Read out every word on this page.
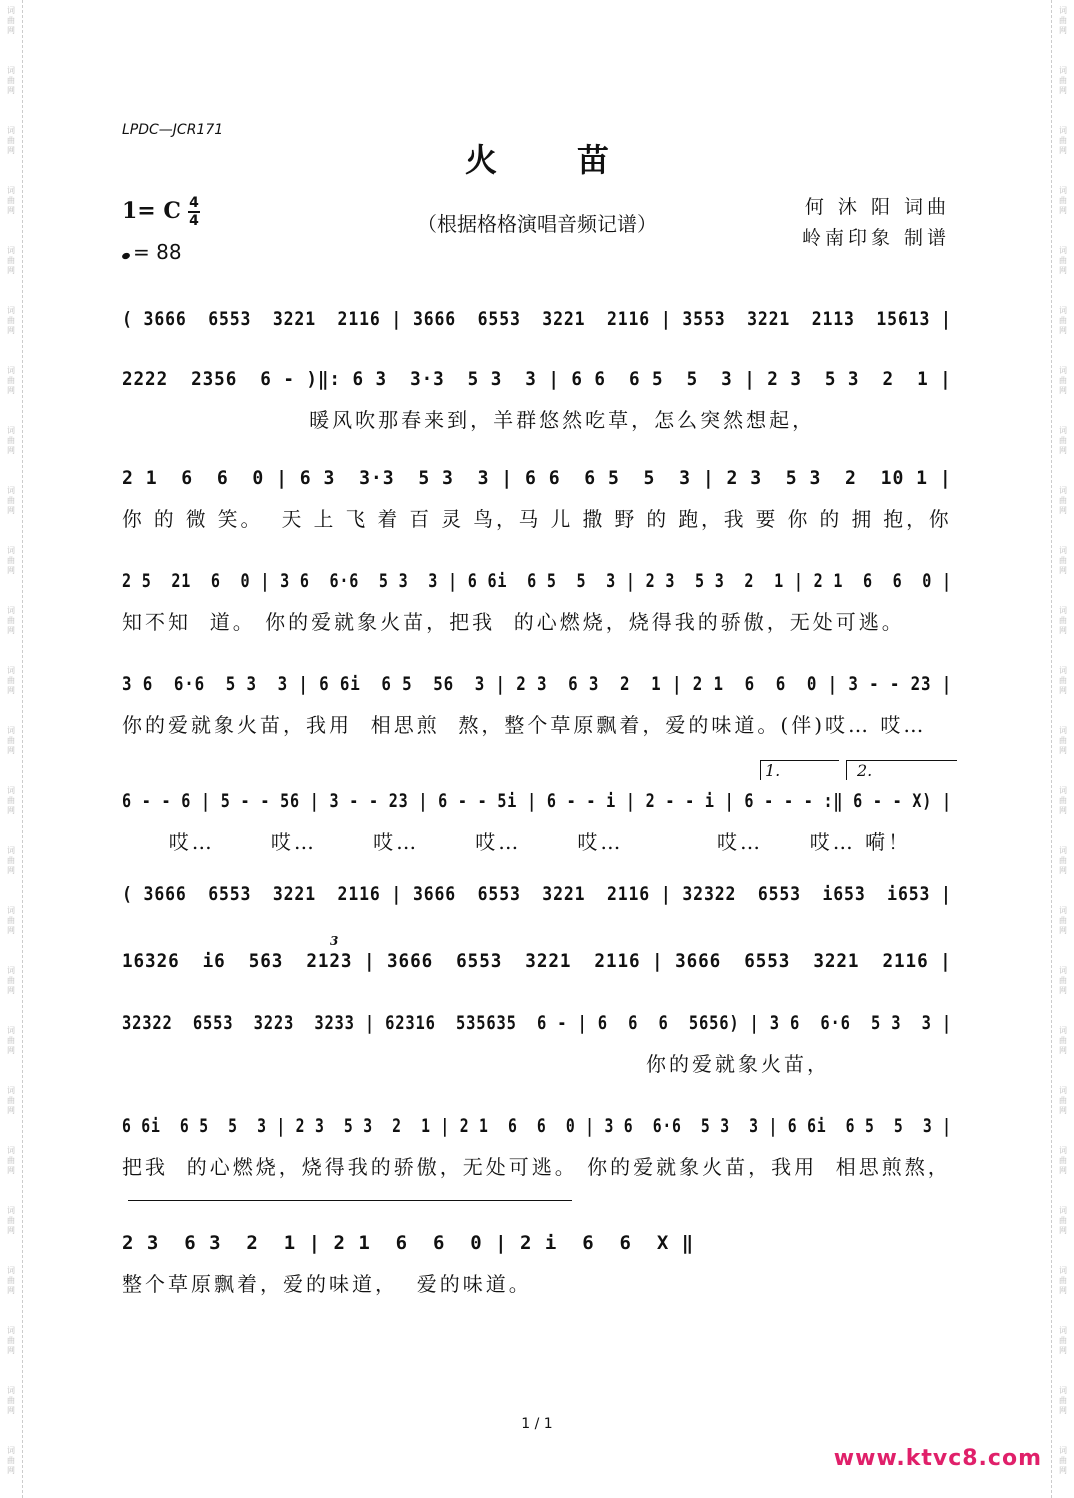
词
曲
网
词
曲
网
词
曲
网
词
曲
网
词
曲
网
词
曲
网
词
曲
网
词
曲
网
词
曲
网
词
曲
网
词
曲
网
词
曲
网
词
曲
网
词
曲
网
词
曲
网
词
曲
网
词
曲
网
词
曲
网
词
曲
网
词
曲
网
词
曲
网
词
曲
网
词
曲
网
词
曲
网
词
曲
网
词
曲
网
词
曲
网
词
曲
网
词
曲
网
词
曲
网
词
曲
网
词
曲
网
词
曲
网
词
曲
网
词
曲
网
词
曲
网
词
曲
网
词
曲
网
词
曲
网
词
曲
网
词
曲
网
词
曲
网
词
曲
网
词
曲
网
词
曲
网
词
曲
网
词
曲
网
词
曲
网
词
曲
网
词
曲
网
LPDC—JCR171
火苗
1= C 4
4
= 88
（根据格格演唱音频记谱）
何 沐 阳 词曲
岭南印象 制谱
( 3666  6553  3221  2116 | 3666  6553  3221  2116 | 3553  3221  2113  15613 |
2222  2356  6 - )‖: 6 3  3·3  5 3  3 | 6 6  6 5  5  3 | 2 3  5 3  2  1 |
暖风吹那春来到，羊群悠然吃草，怎么突然想起，
2 1  6  6  0 | 6 3  3·3  5 3  3 | 6 6  6 5  5  3 | 2 3  5 3  2  10 1 |
你 的 微 笑。  天 上 飞 着 百 灵 鸟，马 儿 撒 野 的 跑，我 要 你 的 拥 抱，你
2 5  21  6  0 | 3 6  6·6  5 3  3 | 6 6i  6 5  5  3 | 2 3  5 3  2  1 | 2 1  6  6  0 |
知不知  道。 你的爱就象火苗，把我  的心燃烧，烧得我的骄傲，无处可逃。
3 6  6·6  5 3  3 | 6 6i  6 5  56  3 | 2 3  6 3  2  1 | 2 1  6  6  0 | 3 - - 23 |
你的爱就象火苗，我用  相思煎  熬，整个草原飘着，爱的味道。(伴)哎… 哎…
6 - - 6 | 5 - - 56 | 3 - - 23 | 6 - - 5i | 6 - - i | 2 - - i | 6 - - - :‖ 6 - - X) |
哎…      哎…      哎…      哎…      哎…          哎…     哎… 嗬！
( 3666  6553  3221  2116 | 3666  6553  3221  2116 | 32322  6553  i653  i653 |
16326  i6  563  2123 | 3666  6553  3221  2116 | 3666  6553  3221  2116 |
32322  6553  3223  3233 | 62316  535635  6 - | 6  6  6  5656) | 3 6  6·6  5 3  3 |
你的爱就象火苗，
6 6i  6 5  5  3 | 2 3  5 3  2  1 | 2 1  6  6  0 | 3 6  6·6  5 3  3 | 6 6i  6 5  5  3 |
把我  的心燃烧，烧得我的骄傲，无处可逃。 你的爱就象火苗，我用  相思煎熬，
2 3  6 3  2  1 | 2 1  6  6  0 | 2 i  6  6  X ‖
整个草原飘着，爱的味道，  爱的味道。
1 / 1
www.ktvc8.com
1.	2.
3
